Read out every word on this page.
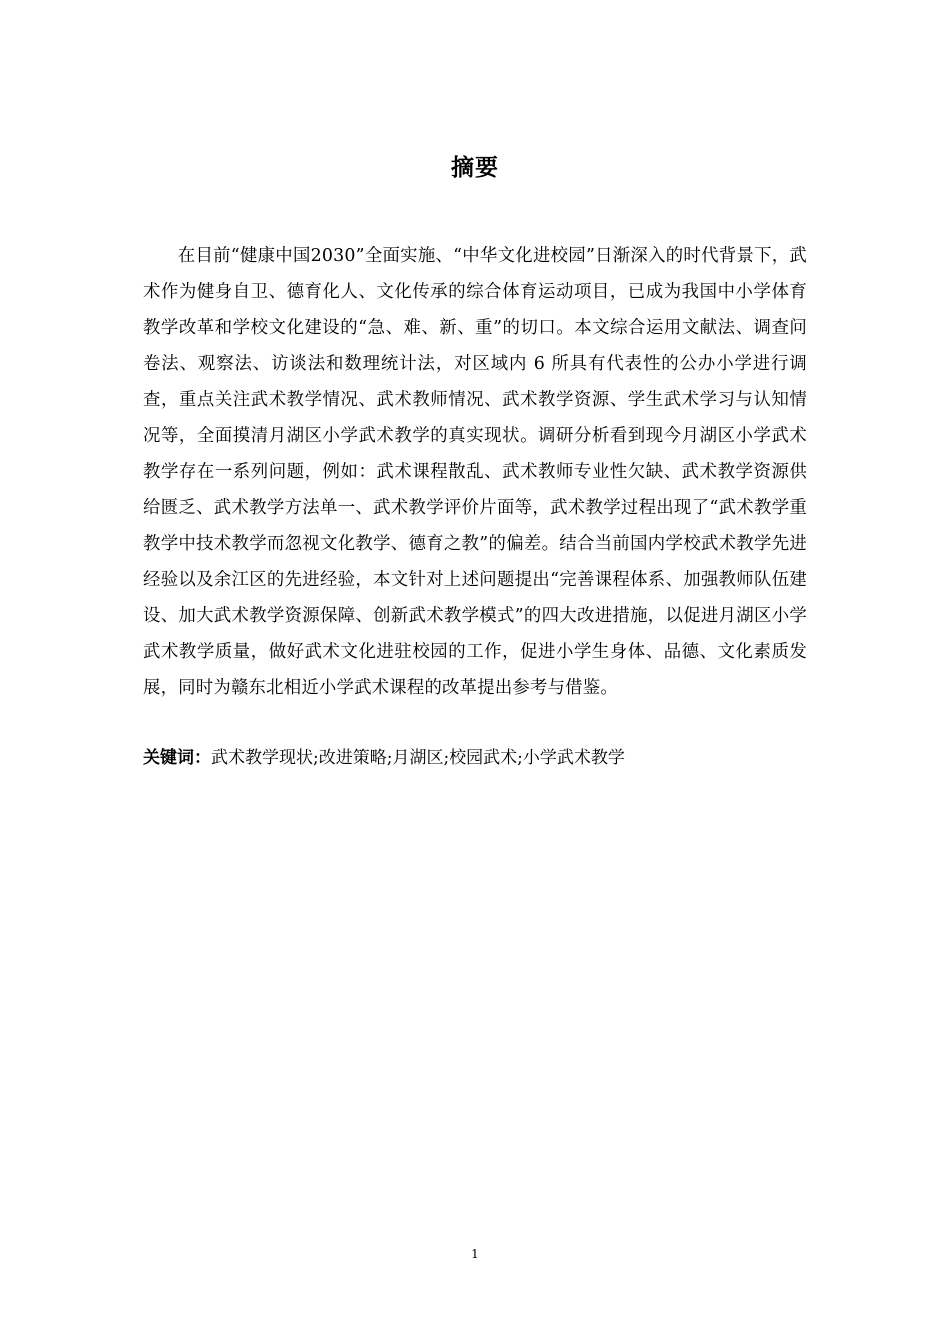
摘要

在目前“健康中国2030”全面实施、“中华文化进校园”日渐深入的时代背景下，武术作为健身自卫、德育化人、文化传承的综合体育运动项目，已成为我国中小学体育教学改革和学校文化建设的“急、难、新、重”的切口。本文综合运用文献法、调查问卷法、观察法、访谈法和数理统计法，对区域内 6 所具有代表性的公办小学进行调查，重点关注武术教学情况、武术教师情况、武术教学资源、学生武术学习与认知情况等，全面摸清月湖区小学武术教学的真实现状。调研分析看到现今月湖区小学武术教学存在一系列问题，例如：武术课程散乱、武术教师专业性欠缺、武术教学资源供给匮乏、武术教学方法单一、武术教学评价片面等，武术教学过程出现了“武术教学重教学中技术教学而忽视文化教学、德育之教”的偏差。结合当前国内学校武术教学先进经验以及余江区的先进经验，本文针对上述问题提出“完善课程体系、加强教师队伍建设、加大武术教学资源保障、创新武术教学模式”的四大改进措施，以促进月湖区小学武术教学质量，做好武术文化进驻校园的工作，促进小学生身体、品德、文化素质发展，同时为赣东北相近小学武术课程的改革提出参考与借鉴。

关键词：武术教学现状;改进策略;月湖区;校园武术;小学武术教学
1
